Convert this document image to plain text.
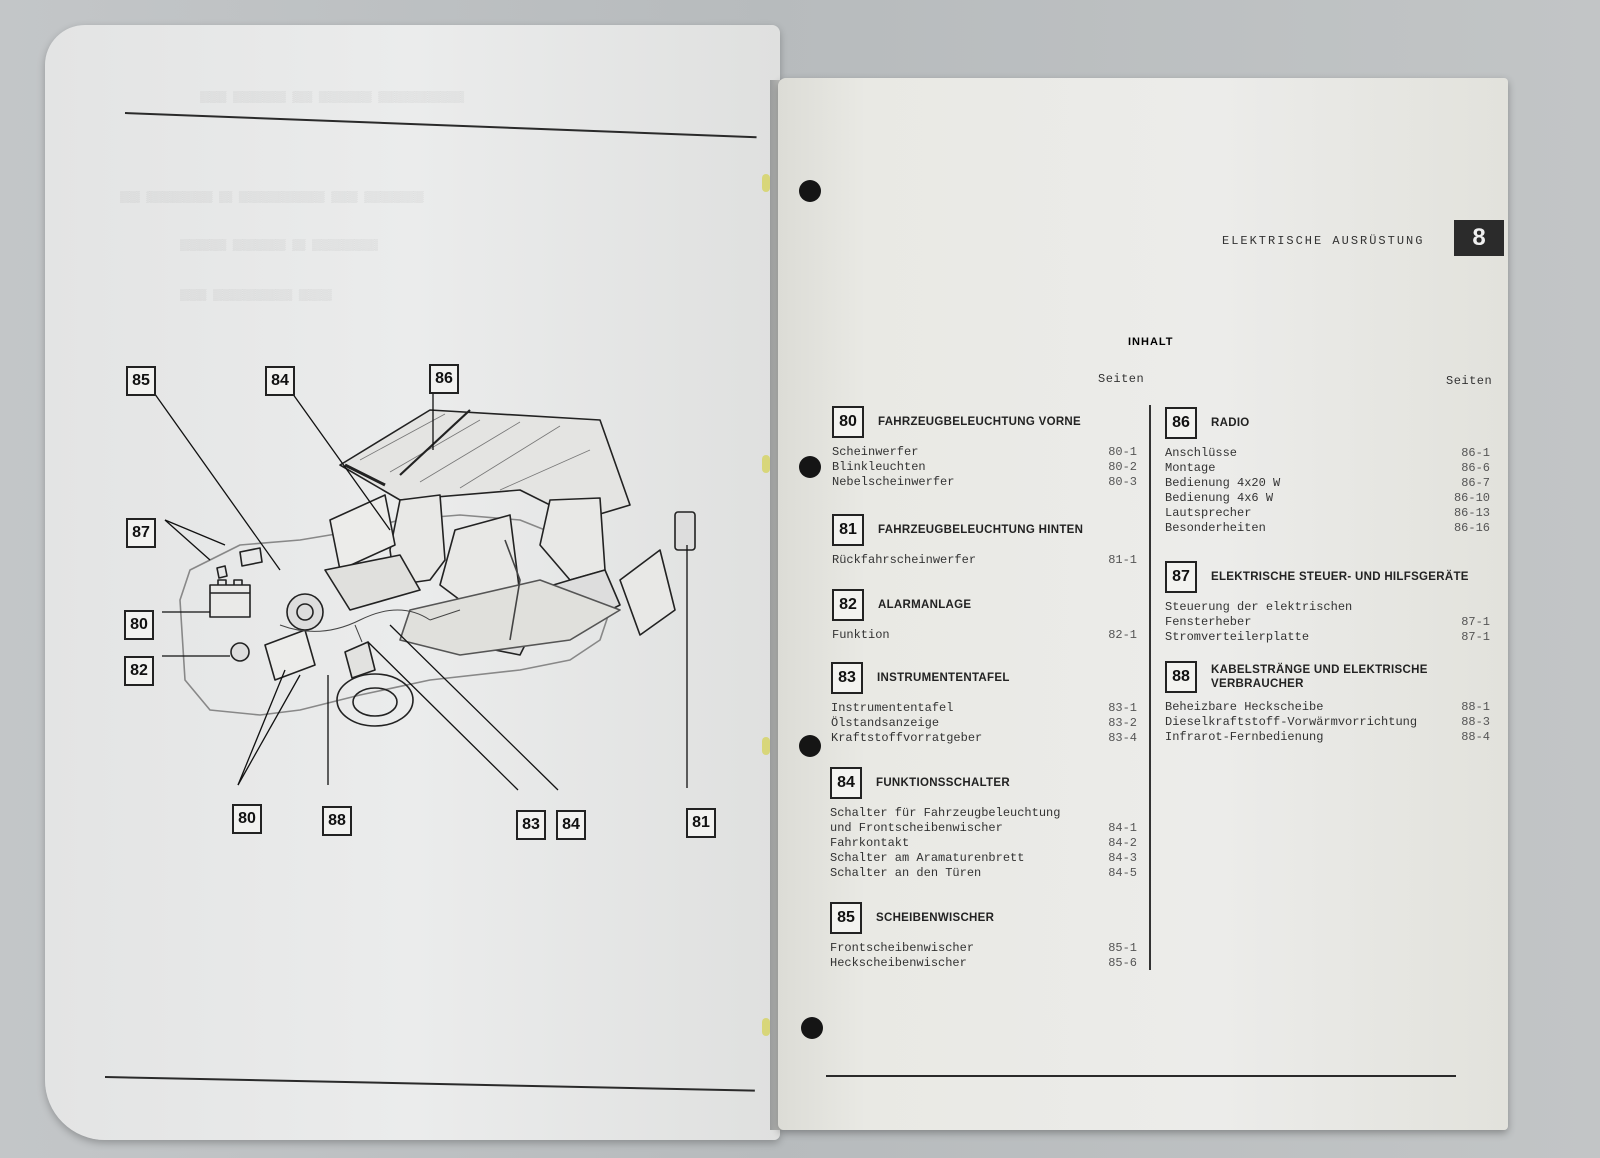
▒▒▒▒ ▒▒▒▒▒▒▒▒ ▒▒▒ ▒▒▒▒▒▒▒▒ ▒▒▒▒▒▒▒▒▒▒▒▒▒
▒▒▒ ▒▒▒▒▒▒▒▒▒▒ ▒▒ ▒▒▒▒▒▒▒▒▒▒▒▒▒ ▒▒▒▒ ▒▒▒▒▒▒▒▒▒
▒▒▒▒▒▒▒ ▒▒▒▒▒▒▒▒ ▒▒ ▒▒▒▒▒▒▒▒▒▒
▒▒▒▒ ▒▒▒▒▒▒▒▒▒▒▒▒ ▒▒▒▒▒
85	84	86
87
80
82
80	88	83	84	81
ELEKTRISCHE AUSRÜSTUNG	8
INHALT
Seiten	Seiten
80	FAHRZEUGBELEUCHTUNG VORNE
Scheinwerfer	80-1
Blinkleuchten	80-2
Nebelscheinwerfer	80-3
81	FAHRZEUGBELEUCHTUNG HINTEN
Rückfahrscheinwerfer	81-1
82	ALARMANLAGE
Funktion	82-1
83	INSTRUMENTENTAFEL
Instrumententafel	83-1
Ölstandsanzeige	83-2
Kraftstoffvorratgeber	83-4
84	FUNKTIONSSCHALTER
Schalter für Fahrzeugbeleuchtung
und Frontscheibenwischer	84-1
Fahrkontakt	84-2
Schalter am Aramaturenbrett	84-3
Schalter an den Türen	84-5
85	SCHEIBENWISCHER
Frontscheibenwischer	85-1
Heckscheibenwischer	85-6
86	RADIO
Anschlüsse	86-1
Montage	86-6
Bedienung 4x20 W	86-7
Bedienung 4x6 W	86-10
Lautsprecher	86-13
Besonderheiten	86-16
87	ELEKTRISCHE STEUER- UND HILFSGERÄTE
Steuerung der elektrischen
Fensterheber	87-1
Stromverteilerplatte	87-1
88	KABELSTRÄNGE UND ELEKTRISCHE
VERBRAUCHER
Beheizbare Heckscheibe	88-1
Dieselkraftstoff-Vorwärmvorrichtung	88-3
Infrarot-Fernbedienung	88-4
